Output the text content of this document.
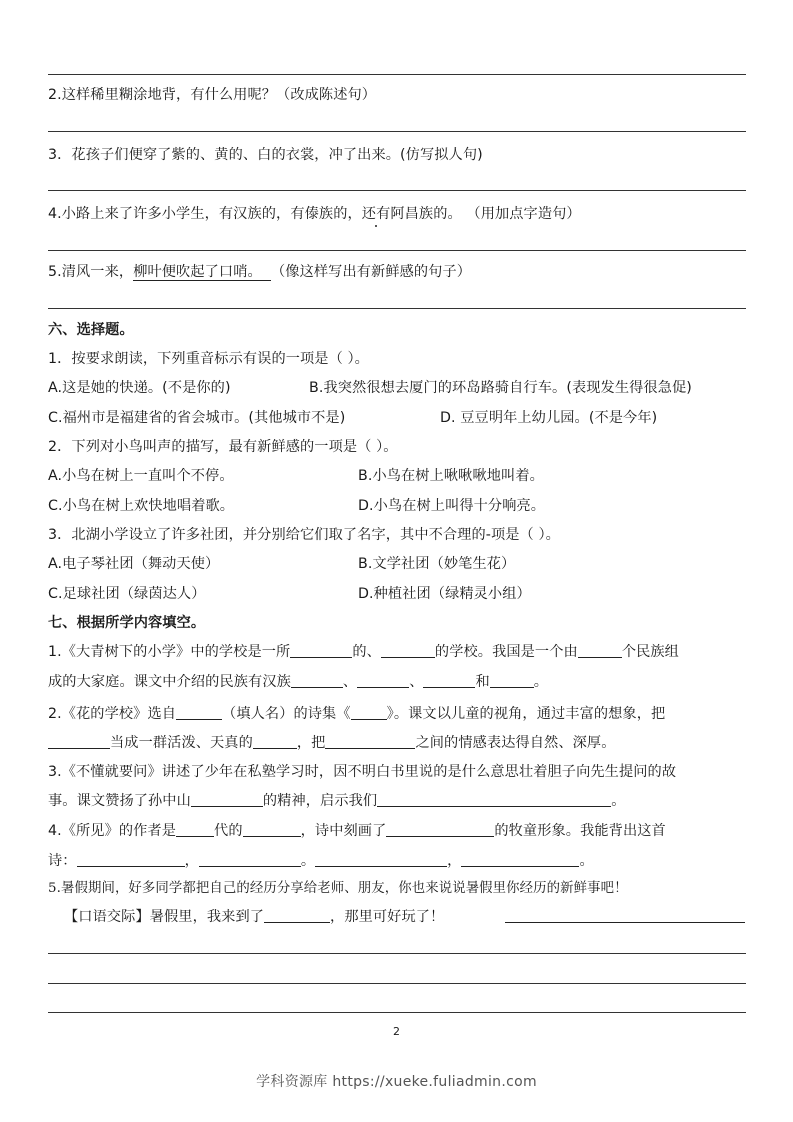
2.这样稀里糊涂地背，有什么用呢？（改成陈述句）
3．花孩子们便穿了紫的、黄的、白的衣裳，冲了出来。(仿写拟人句)
4.小路上来了许多小学生，有汉族的，有傣族的，还有阿昌族的。 （用加点字造句）
5.清风一来，柳叶便吹起了口哨。 （像这样写出有新鲜感的句子）
六、选择题。
1．按要求朗读，下列重音标示有误的一项是（ ）。
A.这是她的快递。(不是你的)	B.我突然很想去厦门的环岛路骑自行车。(表现发生得很急促)
C.福州市是福建省的省会城市。(其他城市不是)	D. 豆豆明年上幼儿园。(不是今年)
2．下列对小鸟叫声的描写，最有新鲜感的一项是（ ）。
A.小鸟在树上一直叫个不停。	B.小鸟在树上啾啾啾地叫着。
C.小鸟在树上欢快地唱着歌。	D.小鸟在树上叫得十分响亮。
3．北湖小学设立了许多社团，并分别给它们取了名字，其中不合理的-项是（ ）。
A.电子琴社团（舞动天使）	B.文学社团（妙笔生花）
C.足球社团（绿茵达人）	D.种植社团（绿精灵小组）
七、根据所学内容填空。
1.《大青树下的小学》中的学校是一所	的、	的学校。我国是一个由	个民族组
成的大家庭。课文中介绍的民族有汉族	、	、	和	。
2.《花的学校》选自	（填人名）的诗集《	》。课文以儿童的视角，通过丰富的想象，把
当成一群活泼、天真的	，把	之间的情感表达得自然、深厚。
3.《不懂就要问》讲述了少年在私塾学习时，因不明白书里说的是什么意思壮着胆子向先生提问的故
事。课文赞扬了孙中山	的精神，启示我们	。
4.《所见》的作者是	代的	，诗中刻画了	的牧童形象。我能背出这首
诗：	，	。	，	。
5.暑假期间，好多同学都把自己的经历分享给老师、朋友，你也来说说暑假里你经历的新鲜事吧！
【口语交际】暑假里，我来到了	，那里可好玩了！
2
学科资源库 https://xueke.fuliadmin.com
